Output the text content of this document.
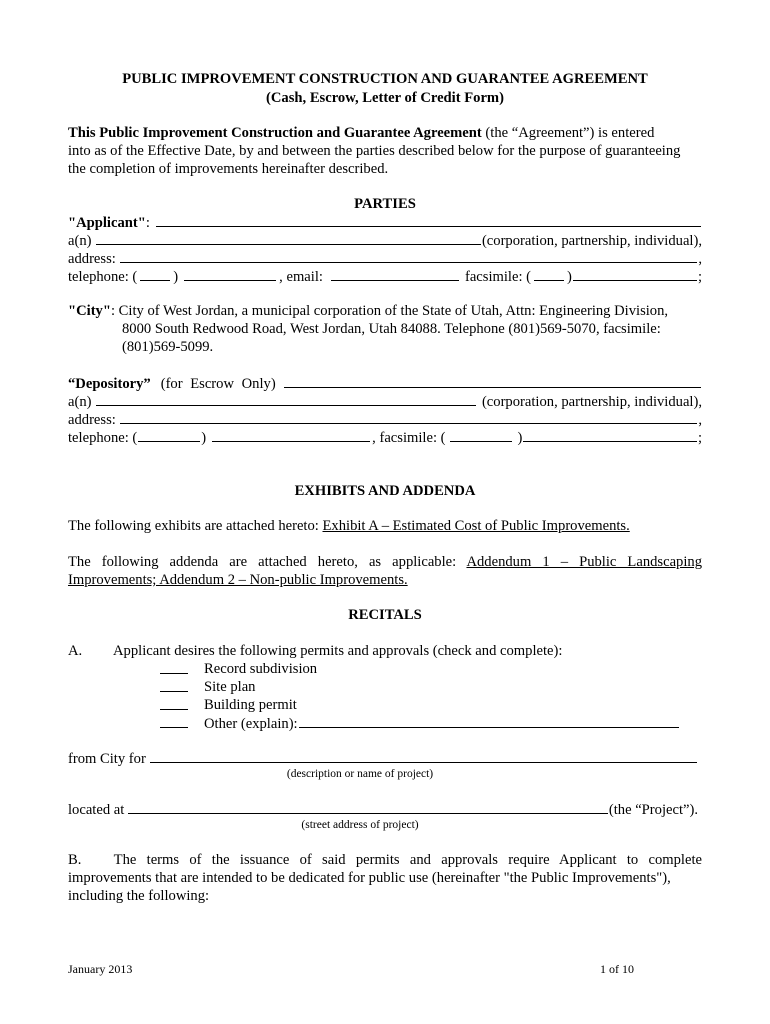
PUBLIC IMPROVEMENT CONSTRUCTION AND GUARANTEE AGREEMENT
(Cash, Escrow, Letter of Credit Form)
This Public Improvement Construction and Guarantee Agreement (the “Agreement”) is entered
into as of the Effective Date, by and between the parties described below for the purpose of guaranteeing
the completion of improvements hereinafter described.
PARTIES
"Applicant" :
a(n)	(corporation, partnership, individual),
address:	,
telephone: ( )	, email:	facsimile: ( )	;
"City": City of West Jordan, a municipal corporation of the State of Utah, Attn: Engineering Division,
8000 South Redwood Road, West Jordan, Utah 84088. Telephone (801)569-5070, facsimile:
(801)569-5099.
“Depository” (for Escrow Only)
a(n)	(corporation, partnership, individual),
address:	,
telephone: (	)	, facsimile: (	)	;
EXHIBITS AND ADDENDA
The following exhibits are attached hereto: Exhibit A – Estimated Cost of Public Improvements.
The following addenda are attached hereto, as applicable: Addendum 1 – Public Landscaping
Improvements; Addendum 2 – Non-public Improvements.
RECITALS
A. Applicant desires the following permits and approvals (check and complete):
Record subdivision
Site plan
Building permit
Other (explain):
from City for
(description or name of project)
located at	(the “Project”).
(street address of project)
B. The terms of the issuance of said permits and approvals require Applicant to complete
improvements that are intended to be dedicated for public use (hereinafter "the Public Improvements"),
including the following:
January 2013	1 of 10
